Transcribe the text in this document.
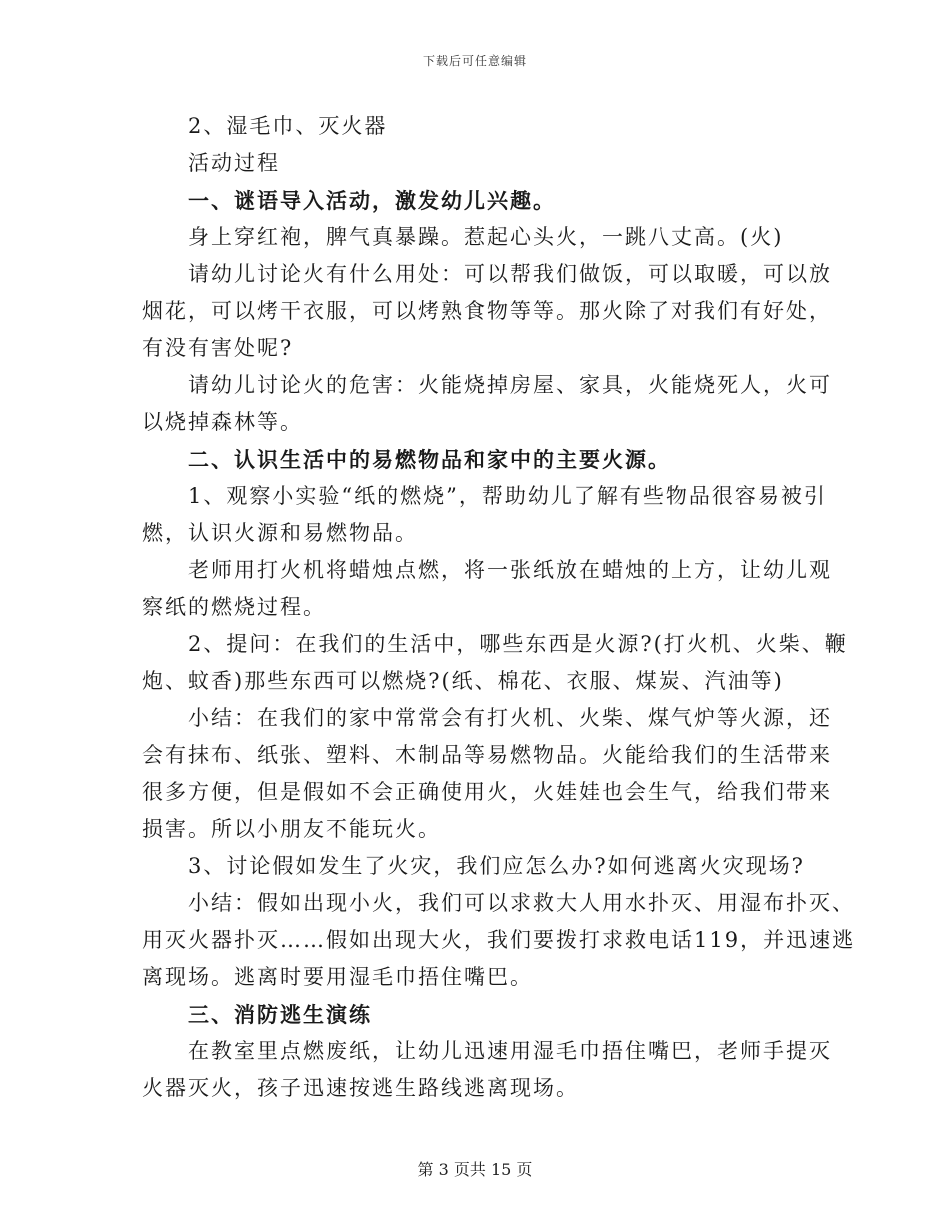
下载后可任意编辑

2、湿毛巾、灭火器

活动过程

一、谜语导入活动，激发幼儿兴趣。

身上穿红袍，脾气真暴躁。惹起心头火，一跳八丈高。(火)

请幼儿讨论火有什么用处：可以帮我们做饭，可以取暖，可以放

烟花，可以烤干衣服，可以烤熟食物等等。那火除了对我们有好处，

有没有害处呢?

请幼儿讨论火的危害：火能烧掉房屋、家具，火能烧死人，火可

以烧掉森林等。

二、认识生活中的易燃物品和家中的主要火源。

1、观察小实验“纸的燃烧”，帮助幼儿了解有些物品很容易被引

燃，认识火源和易燃物品。

老师用打火机将蜡烛点燃，将一张纸放在蜡烛的上方，让幼儿观

察纸的燃烧过程。

2、提问：在我们的生活中，哪些东西是火源?(打火机、火柴、鞭

炮、蚊香)那些东西可以燃烧?(纸、棉花、衣服、煤炭、汽油等)

小结：在我们的家中常常会有打火机、火柴、煤气炉等火源，还

会有抹布、纸张、塑料、木制品等易燃物品。火能给我们的生活带来

很多方便，但是假如不会正确使用火，火娃娃也会生气，给我们带来

损害。所以小朋友不能玩火。

3、讨论假如发生了火灾，我们应怎么办?如何逃离火灾现场?

小结：假如出现小火，我们可以求救大人用水扑灭、用湿布扑灭、

用灭火器扑灭……假如出现大火，我们要拨打求救电话119，并迅速逃

离现场。逃离时要用湿毛巾捂住嘴巴。

三、消防逃生演练

在教室里点燃废纸，让幼儿迅速用湿毛巾捂住嘴巴，老师手提灭

火器灭火，孩子迅速按逃生路线逃离现场。

第 3 页共 15 页
